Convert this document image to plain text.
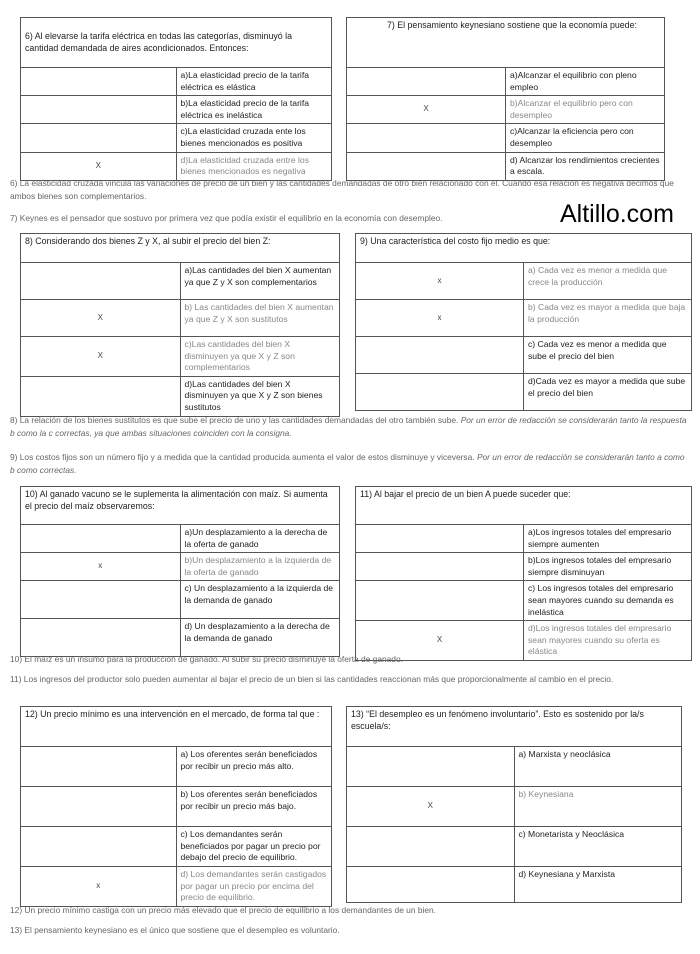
6) Al elevarse la tarifa eléctrica en todas las categorías, disminuyó la cantidad demandada de aires acondicionados. Entonces:	
	a)La elasticidad precio de la tarifa eléctrica es elástica
	b)La elasticidad precio de la tarifa eléctrica es inelástica
	c)La elasticidad cruzada ente los bienes mencionados es positiva
X	d)La elasticidad cruzada entre los bienes mencionados es negativa
7) El pensamiento keynesiano sostiene que la economía puede:	
	a)Alcanzar el equilibrio con pleno empleo
X	b)Alcanzar el equilibrio pero con desempleo
	c)Alcanzar la eficiencia pero con desempleo
	d) Alcanzar los rendimientos crecientes a escala.
6) La elasticidad cruzada vincula las variaciones de precio de un bien y las cantidades demandadas de otro bien relacionado con él. Cuando esa relación es negativa decimos que ambos bienes son complementarios.
7) Keynes es el pensador que sostuvo por primera vez que podía existir el equilibrio en la economía con desempleo.	Altillo.com
8) Considerando dos bienes Z y X, al subir el precio del bien Z:	
	a)Las cantidades del bien X aumentan ya que Z y X son complementarios
X	b) Las cantidades del bien X aumentan ya que Z y X son sustitutos
X	c)Las cantidades del bien X disminuyen ya que X y Z son complementarios
	d)Las cantidades del bien X disminuyen ya que X y Z son bienes sustitutos
9) Una característica del costo fijo medio es que:	
x	a) Cada vez es menor a medida que crece la producción
x	b) Cada vez es mayor a medida que baja la producción
	c) Cada vez es menor a medida que sube el precio del bien
	d)Cada vez es mayor a medida que sube el precio del bien
8) La relación de los bienes sustitutos es que sube el precio de uno y las cantidades demandadas del otro también sube. Por un error de redacción se considerarán tanto la respuesta b como la c correctas, ya que ambas situaciones coinciden con la consigna.
9) Los costos fijos son un número fijo y a medida que la cantidad producida aumenta el valor de estos disminuye y viceversa. Por un error de redacción se considerarán tanto a como b como correctas.
10) Al ganado vacuno se le suplementa la alimentación con maíz. Si aumenta el precio del maíz observaremos:	
	a)Un desplazamiento a la derecha de la oferta de ganado
x	b)Un desplazamiento a la izquierda de la oferta de ganado
	c) Un desplazamiento a la izquierda de la demanda de ganado
	d) Un desplazamiento a la derecha de la demanda de ganado
11) Al bajar el precio de un bien A puede suceder que:	
	a)Los ingresos totales del empresario siempre aumenten
	b)Los ingresos totales del empresario siempre disminuyan
	c) Los ingresos totales del empresario sean mayores cuando su demanda es inelástica
X	d)Los ingresos totales del empresario sean mayores cuando su oferta es elástica
10) El maíz es un insumo para la producción de ganado. Al subir su precio disminuye la oferta de ganado.
11) Los ingresos del productor solo pueden aumentar al bajar el precio de un bien si las cantidades reaccionan más que proporcionalmente al cambio en el precio.
12) Un precio mínimo es una intervención en el mercado, de forma tal que :	
	a) Los oferentes serán beneficiados por recibir un precio más alto.
	b) Los oferentes serán beneficiados por recibir un precio más bajo.
	c) Los demandantes serán beneficiados por pagar un precio por debajo del precio de equilibrio.
x	d) Los demandantes serán castigados por pagar un precio por encima del precio de equilibrio.
13) “El desempleo es un fenómeno involuntario”. Esto es sostenido por la/s escuela/s:	
	a) Marxista y neoclásica
X	b) Keynesiana
	c) Monetarista y Neoclásica
	d) Keynesiana y Marxista
12) Un precio mínimo castiga con un precio más elevado que el precio de equilibrio a los demandantes de un bien.
13) El pensamiento keynesiano es el único que sostiene que el desempleo es voluntario.
